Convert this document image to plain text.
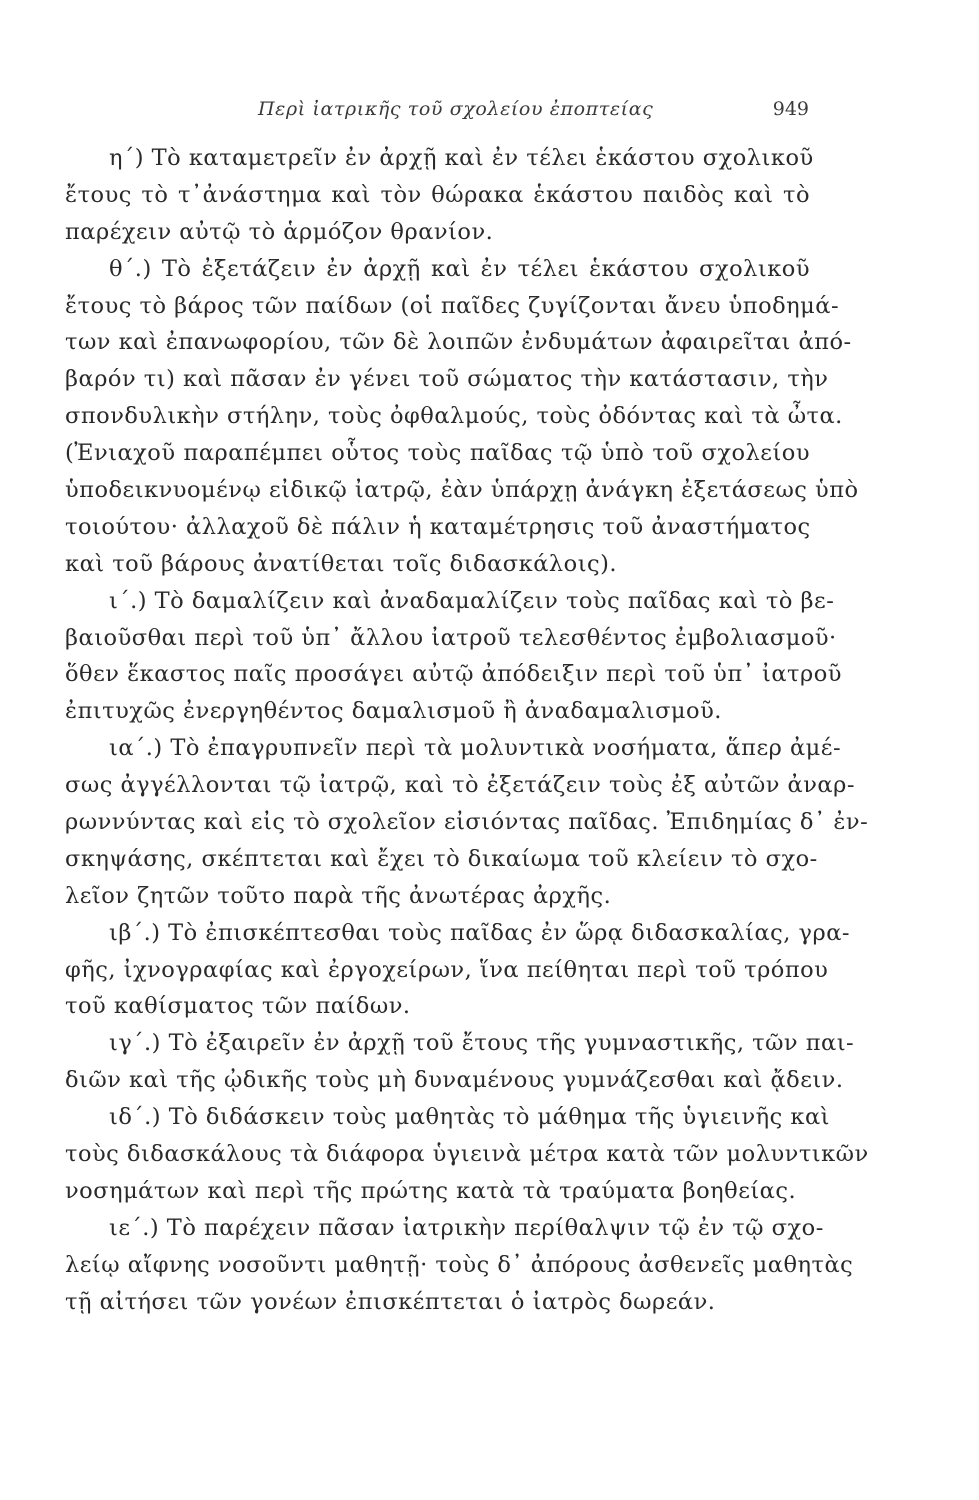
Περὶ ἰατρικῆς τοῦ σχολείου ἐποπτείας	949
η΄) Τὸ καταμετρεῖν ἐν ἀρχῇ καὶ ἐν τέλει ἑκάστου σχολικοῦ
ἔτους τὸ τ᾽ἀνάστημα καὶ τὸν θώρακα ἑκάστου παιδὸς καὶ τὸ
παρέχειν αὐτῷ τὸ ἁρμόζον θρανίον.
θ΄.) Τὸ ἐξετάζειν ἐν ἀρχῇ καὶ ἐν τέλει ἑκάστου σχολικοῦ
ἔτους τὸ βάρος τῶν παίδων (οἱ παῖδες ζυγίζονται ἄνευ ὑποδημά-
των καὶ ἐπανωφορίου, τῶν δὲ λοιπῶν ἐνδυμάτων ἀφαιρεῖται ἀπό-
βαρόν τι) καὶ πᾶσαν ἐν γένει τοῦ σώματος τὴν κατάστασιν, τὴν
σπονδυλικὴν στήλην, τοὺς ὀφθαλμούς, τοὺς ὀδόντας καὶ τὰ ὦτα.
(Ἐνιαχοῦ παραπέμπει οὗτος τοὺς παῖδας τῷ ὑπὸ τοῦ σχολείου
ὑποδεικνυομένῳ εἰδικῷ ἰατρῷ, ἐὰν ὑπάρχῃ ἀνάγκη ἐξετάσεως ὑπὸ
τοιούτου· ἀλλαχοῦ δὲ πάλιν ἡ καταμέτρησις τοῦ ἀναστήματος
καὶ τοῦ βάρους ἀνατίθεται τοῖς διδασκάλοις).
ι΄.) Τὸ δαμαλίζειν καὶ ἀναδαμαλίζειν τοὺς παῖδας καὶ τὸ βε-
βαιοῦσθαι περὶ τοῦ ὑπ᾽ ἄλλου ἰατροῦ τελεσθέντος ἐμβολιασμοῦ·
ὅθεν ἕκαστος παῖς προσάγει αὐτῷ ἀπόδειξιν περὶ τοῦ ὑπ᾽ ἰατροῦ
ἐπιτυχῶς ἐνεργηθέντος δαμαλισμοῦ ἢ ἀναδαμαλισμοῦ.
ια΄.) Τὸ ἐπαγρυπνεῖν περὶ τὰ μολυντικὰ νοσήματα, ἅπερ ἀμέ-
σως ἀγγέλλονται τῷ ἰατρῷ, καὶ τὸ ἐξετάζειν τοὺς ἐξ αὐτῶν ἀναρ-
ρωννύντας καὶ εἰς τὸ σχολεῖον εἰσιόντας παῖδας. Ἐπιδημίας δ᾽ ἐν-
σκηψάσης, σκέπτεται καὶ ἔχει τὸ δικαίωμα τοῦ κλείειν τὸ σχο-
λεῖον ζητῶν τοῦτο παρὰ τῆς ἀνωτέρας ἀρχῆς.
ιβ΄.) Τὸ ἐπισκέπτεσθαι τοὺς παῖδας ἐν ὥρᾳ διδασκαλίας, γρα-
φῆς, ἰχνογραφίας καὶ ἐργοχείρων, ἵνα πείθηται περὶ τοῦ τρόπου
τοῦ καθίσματος τῶν παίδων.
ιγ΄.) Τὸ ἐξαιρεῖν ἐν ἀρχῇ τοῦ ἔτους τῆς γυμναστικῆς, τῶν παι-
διῶν καὶ τῆς ᾠδικῆς τοὺς μὴ δυναμένους γυμνάζεσθαι καὶ ᾄδειν.
ιδ΄.) Τὸ διδάσκειν τοὺς μαθητὰς τὸ μάθημα τῆς ὑγιεινῆς καὶ
τοὺς διδασκάλους τὰ διάφορα ὑγιεινὰ μέτρα κατὰ τῶν μολυντικῶν
νοσημάτων καὶ περὶ τῆς πρώτης κατὰ τὰ τραύματα βοηθείας.
ιε΄.) Τὸ παρέχειν πᾶσαν ἰατρικὴν περίθαλψιν τῷ ἐν τῷ σχο-
λείῳ αἴφνης νοσοῦντι μαθητῇ· τοὺς δ᾽ ἀπόρους ἀσθενεῖς μαθητὰς
τῇ αἰτήσει τῶν γονέων ἐπισκέπτεται ὁ ἰατρὸς δωρεάν.
